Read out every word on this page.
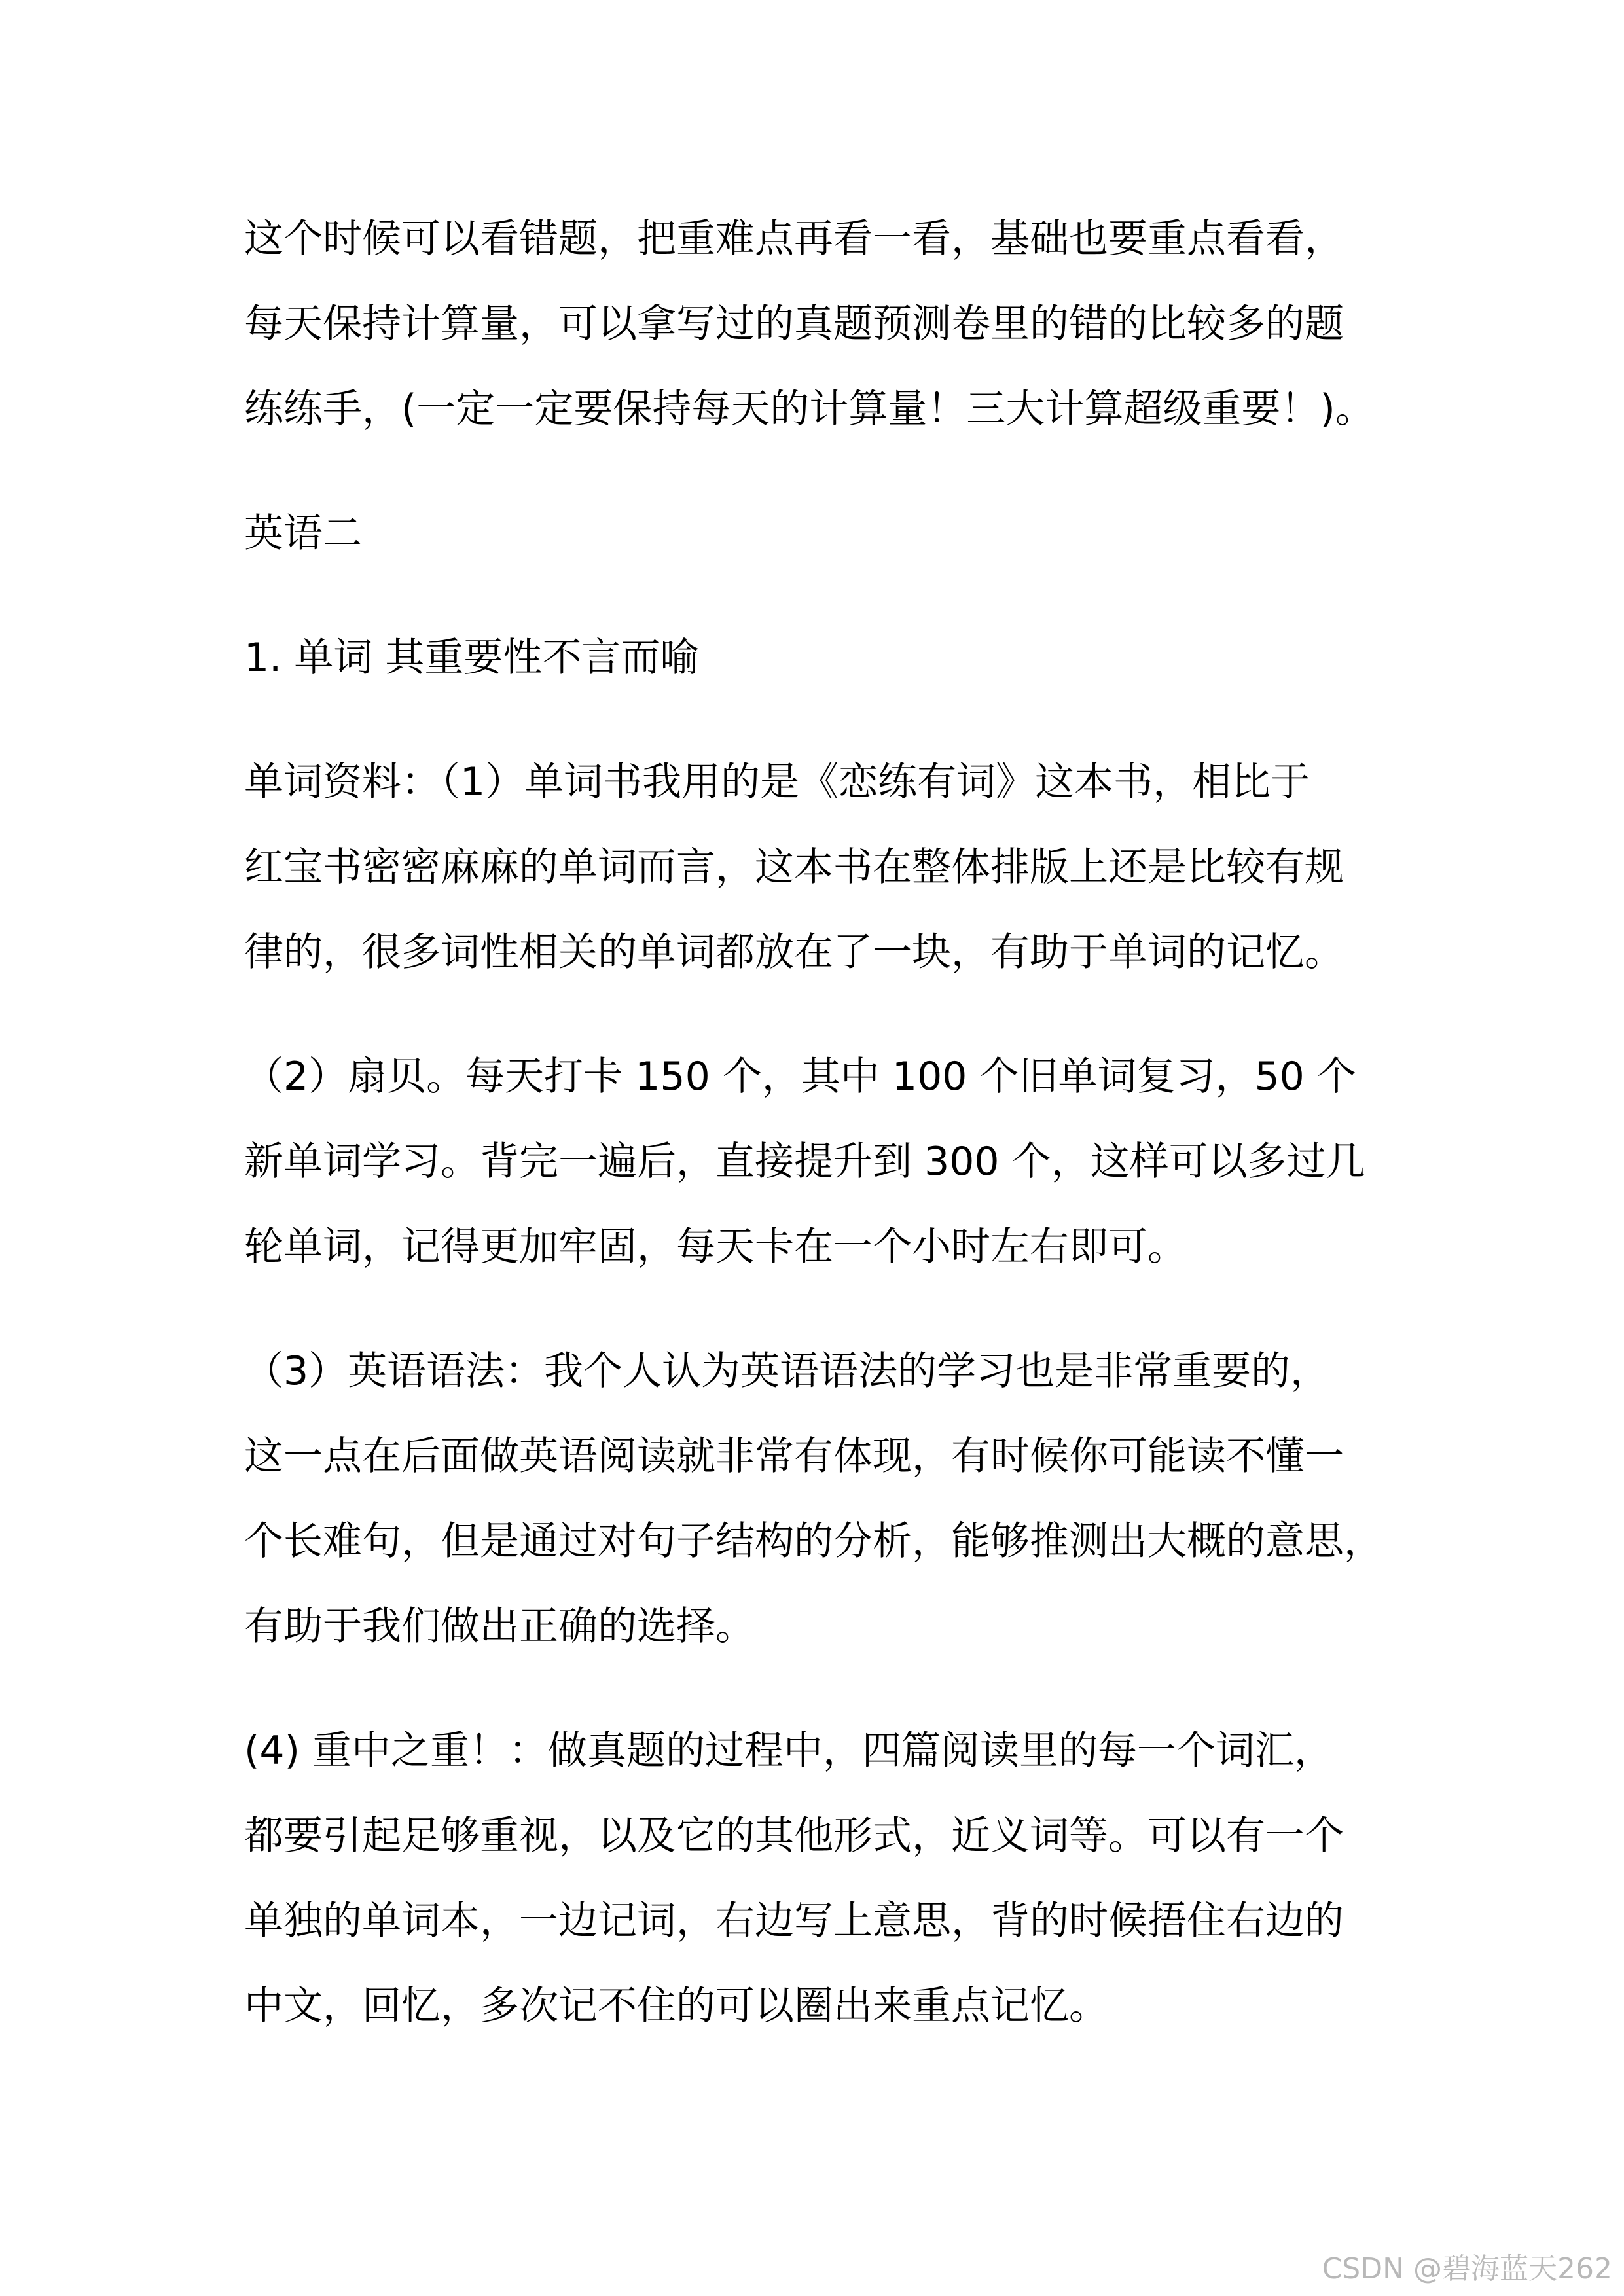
这个时候可以看错题，把重难点再看一看，基础也要重点看看，
每天保持计算量，可以拿写过的真题预测卷里的错的比较多的题
练练手，(一定一定要保持每天的计算量！三大计算超级重要！)。

英语二

1. 单词 其重要性不言而喻

单词资料：（1）单词书我用的是《恋练有词》这本书，相比于
红宝书密密麻麻的单词而言，这本书在整体排版上还是比较有规
律的，很多词性相关的单词都放在了一块，有助于单词的记忆。

（2）扇贝。每天打卡 150 个，其中 100 个旧单词复习，50 个
新单词学习。背完一遍后，直接提升到 300 个，这样可以多过几
轮单词，记得更加牢固，每天卡在一个小时左右即可。

（3）英语语法：我个人认为英语语法的学习也是非常重要的，
这一点在后面做英语阅读就非常有体现，有时候你可能读不懂一
个长难句，但是通过对句子结构的分析，能够推测出大概的意思，
有助于我们做出正确的选择。

(4) 重中之重！：做真题的过程中，四篇阅读里的每一个词汇，
都要引起足够重视，以及它的其他形式，近义词等。可以有一个
单独的单词本，一边记词，右边写上意思，背的时候捂住右边的
中文，回忆，多次记不住的可以圈出来重点记忆。

CSDN @碧海蓝天262
